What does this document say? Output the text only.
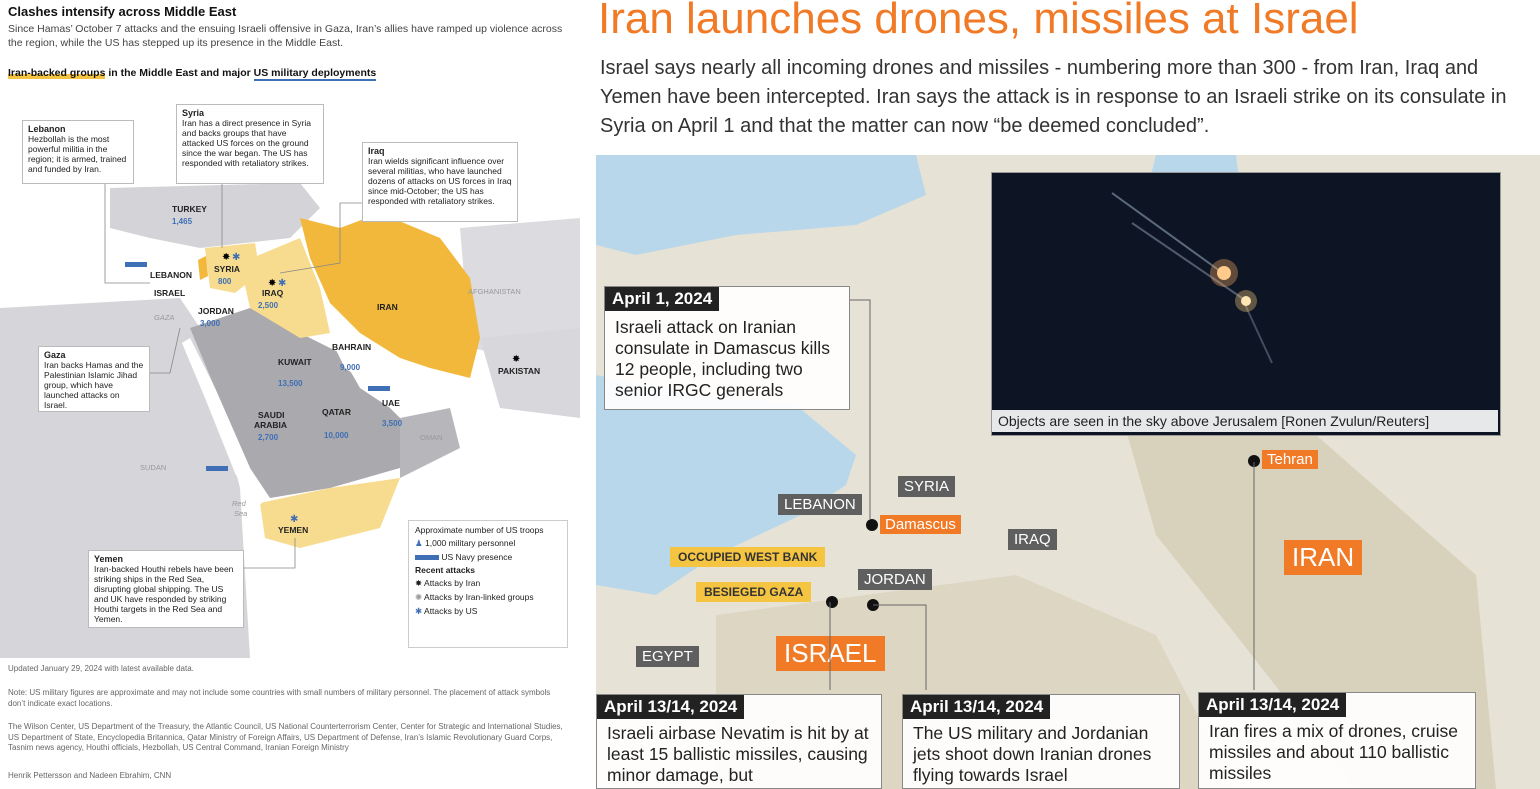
Clashes intensify across Middle East
Since Hamas’ October 7 attacks and the ensuing Israeli offensive in Gaza, Iran’s allies have ramped up violence across the region, while the US has stepped up its presence in the Middle East.
Iran-backed groups in the Middle East and major US military deployments
TURKEY
SYRIA
LEBANON
ISRAEL
JORDAN
IRAQ
IRAN
KUWAIT
BAHRAIN
QATAR
UAE
SAUDI
ARABIA
OMAN
YEMEN
PAKISTAN
AFGHANISTAN
SUDAN
GAZA
Red
Sea
1,465
800
2,500
3,000
13,500
9,000
3,500
2,700	10,000
✸ ✱
✸ ✱
✸
✱
Lebanon
Hezbollah is the most powerful militia in the region; it is armed, trained and funded by Iran.
Syria
Iran has a direct presence in Syria and backs groups that have attacked US forces on the ground since the war began. The US has responded with retaliatory strikes.
Iraq
Iran wields significant influence over several militias, who have launched dozens of attacks on US forces in Iraq since mid-October; the US has responded with retaliatory strikes.
Gaza
Iran backs Hamas and the Palestinian Islamic Jihad group, which have launched attacks on Israel.
Yemen
Iran-backed Houthi rebels have been striking ships in the Red Sea, disrupting global shipping. The US and UK have responded by striking Houthi targets in the Red Sea and Yemen.
Approximate number of US troops
♟ 1,000 military personnel
US Navy presence
Recent attacks
✸ Attacks by Iran
✺ Attacks by Iran-linked groups
✱ Attacks by US
Updated January 29, 2024 with latest available data.
Note: US military figures are approximate and may not include some countries with small numbers of military personnel. The placement of attack symbols don’t indicate exact locations.
The Wilson Center, US Department of the Treasury, the Atlantic Council, US National Counterterrorism Center, Center for Strategic and International Studies, US Department of State, Encyclopedia Britannica, Qatar Ministry of Foreign Affairs, US Department of Defense, Iran’s Islamic Revolutionary Guard Corps, Tasnim news agency, Houthi officials, Hezbollah, US Central Command, Iranian Foreign Ministry
Henrik Pettersson and Nadeen Ebrahim, CNN
Iran launches drones, missiles at Israel
Israel says nearly all incoming drones and missiles - numbering more than 300 - from Iran, Iraq and Yemen have been intercepted. Iran says the attack is in response to an Israeli strike on its consulate in Syria on April 1 and that the matter can now “be deemed concluded”.
Objects are seen in the sky above Jerusalem [Ronen Zvulun/Reuters]
LEBANON
SYRIA
IRAQ
JORDAN
EGYPT
Damascus
Tehran
IRAN
ISRAEL
OCCUPIED WEST BANK
BESIEGED GAZA
April 1, 2024
Israeli attack on Iranian consulate in Damascus kills 12 people, including two senior IRGC generals
April 13/14, 2024
Israeli airbase Nevatim is hit by at least 15 ballistic missiles, causing minor damage, but
April 13/14, 2024
The US military and Jordanian jets shoot down Iranian drones flying towards Israel
April 13/14, 2024
Iran fires a mix of drones, cruise missiles and about 110 ballistic missiles
